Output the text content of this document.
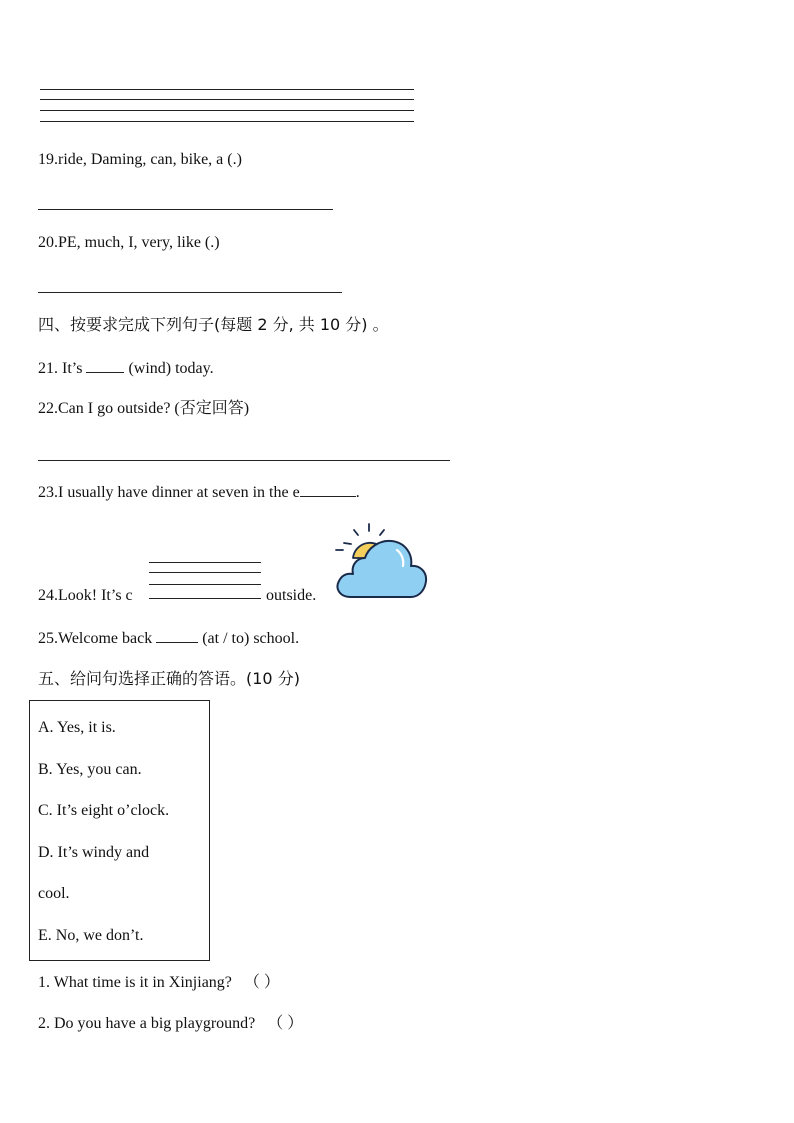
19.ride, Daming, can, bike, a (.)
20.PE, much, I, very, like (.)
四、按要求完成下列句子(每题 2 分, 共 10 分) 。
21. It’s  (wind) today.
22.Can I go outside? (否定回答)
23.I usually have dinner at seven in the e	.
24.Look! It’s c	outside.
25.Welcome back	(at / to) school.
五、给问句选择正确的答语。(10 分)
A. Yes, it is.
B. Yes, you can.
C. It’s eight o’clock.
D. It’s windy and
cool.
E. No, we don’t.
1. What time is it in Xinjiang? （ ）
2. Do you have a big playground? （ ）
